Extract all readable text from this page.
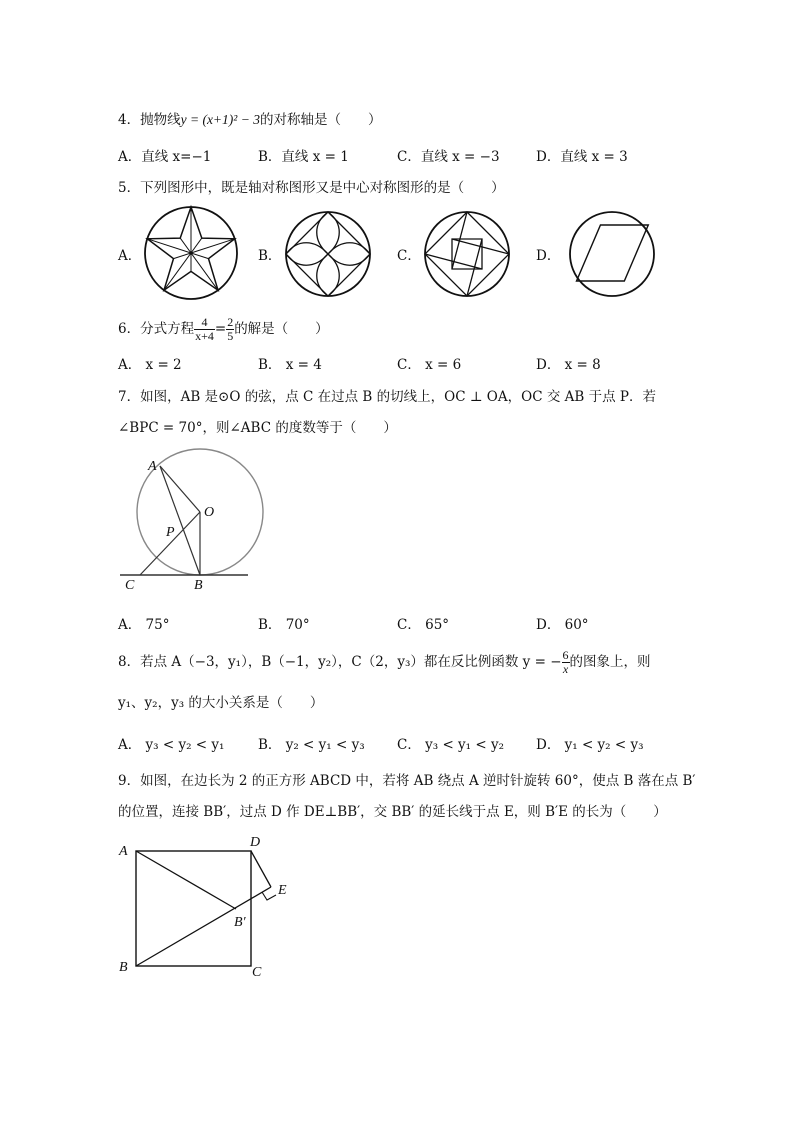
4．抛物线y = (x+1)² − 3的对称轴是（　　）
A．直线 x=−1	B．直线 x = 1	C．直线 x = −3	D．直线 x = 3
5．下列图形中，既是轴对称图形又是中心对称图形的是（　　）
A．	B．	C．	D．
6．分式方程 $\frac{4}{x+4} = \frac{2}{5}$ 的解是（　　）
A． x = 2	B． x = 4	C． x = 6	D． x = 8
7．如图，AB 是⊙O 的弦，点 C 在过点 B 的切线上，OC ⊥ OA，OC 交 AB 于点 P．若
∠BPC = 70°，则∠ABC 的度数等于（　　）
A
O
P
C	B
A． 75°	B． 70°	C． 65°	D． 60°
8．若点 A（−3，y₁），B（−1，y₂），C（2，y₃）都在反比例函数 y = − $\frac{6}{x}$ 的图象上，则
y₁、y₂，y₃ 的大小关系是（　　）
A． y₃ < y₂ < y₁ B． y₂ < y₁ < y₃ C． y₃ < y₁ < y₂ D． y₁ < y₂ < y₃
9．如图，在边长为 2 的正方形 ABCD 中，若将 AB 绕点 A 逆时针旋转 60°，使点 B 落在点 B′
的位置，连接 BB′，过点 D 作 DE⊥BB′，交 BB′ 的延长线于点 E，则 B′E 的长为（　　）
A
D
E
B′
B	C
